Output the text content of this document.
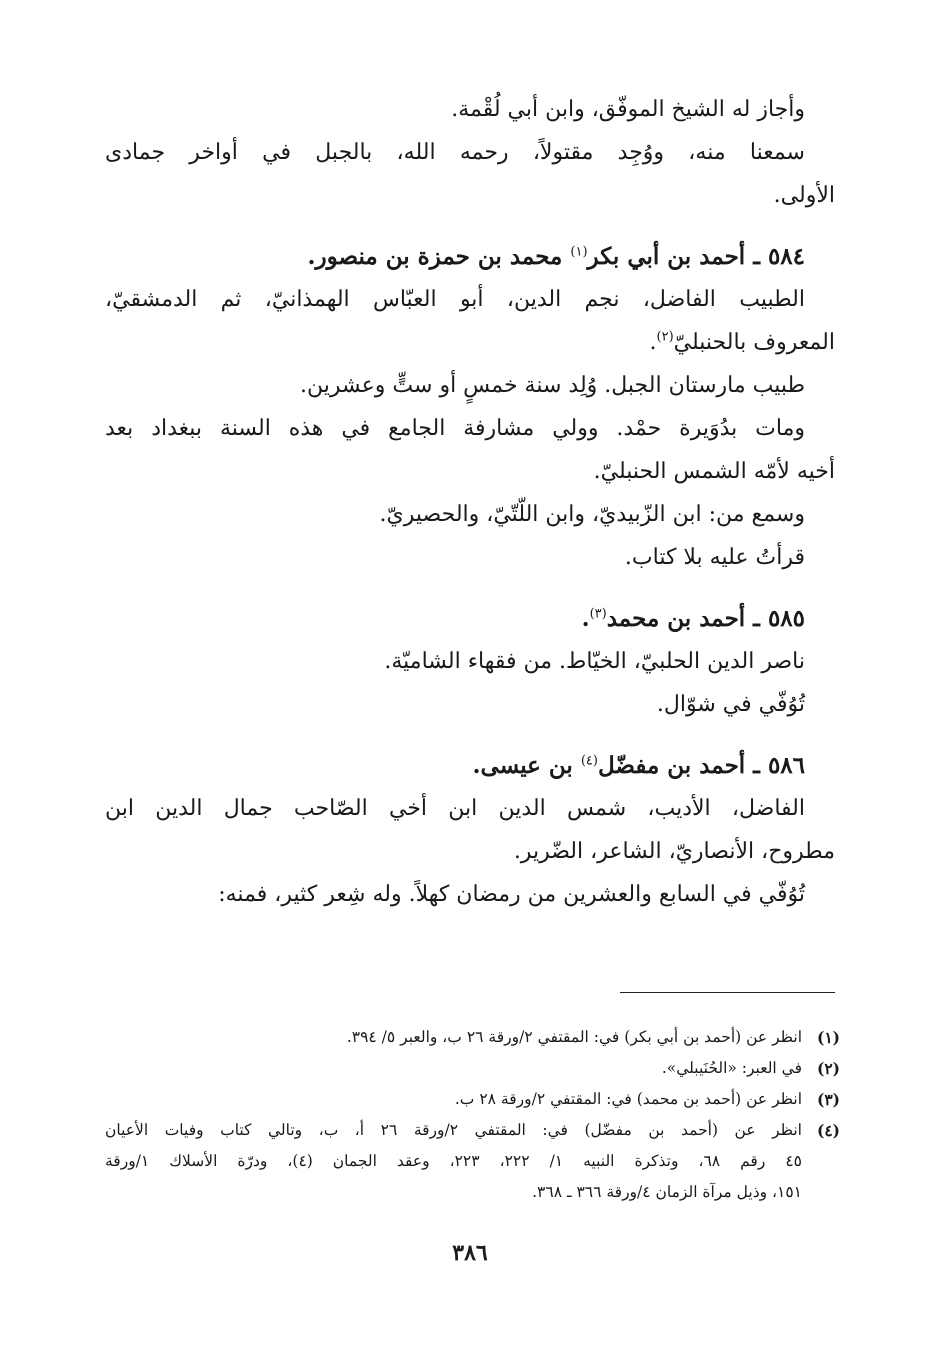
وأجاز له الشيخ الموفّق، وابن أبي لُقْمة.

سمعنا منه، ووُجِد مقتولاً، رحمه الله، بالجبل في أواخر جمادى

الأولى.

٥٨٤ ـ أحمد بن أبي بكر$^{(١)}$ محمد بن حمزة بن منصور.

الطبيب الفاضل، نجم الدين، أبو العبّاس الهمذانيّ، ثم الدمشقيّ،

المعروف بالحنبليّ$^{(٢)}$.

طبيب مارستان الجبل. وُلِد سنة خمسٍ أو ستٍّ وعشرين.

ومات بدُوَيرة حمْد. وولي مشارفة الجامع في هذه السنة ببغداد بعد

أخيه لأمّه الشمس الحنبليّ.

وسمع من: ابن الزّبيديّ، وابن اللّتّيّ، والحصيريّ.

قرأتُ عليه بلا كتاب.

٥٨٥ ـ أحمد بن محمد$^{(٣)}$.

ناصر الدين الحلبيّ، الخيّاط. من فقهاء الشاميّة.

تُوُفّي في شوّال.

٥٨٦ ـ أحمد بن مفضّل$^{(٤)}$ بن عيسى.

الفاضل، الأديب، شمس الدين ابن أخي الصّاحب جمال الدين ابن

مطروح، الأنصاريّ، الشاعر، الضّرير.

تُوُفّي في السابع والعشرين من رمضان كهلاً. وله شِعر كثير، فمنه:

(١)
انظر عن (أحمد بن أبي بكر) في: المقتفي ٢/ورقة ٢٦ ب، والعبر ٥/ ٣٩٤.
(٢)
في العبر: «الحُنَيبلي».
(٣)
انظر عن (أحمد بن محمد) في: المقتفي ٢/ورقة ٢٨ ب.
(٤)
انظر عن (أحمد بن مفضّل) في: المقتفي ٢/ورقة ٢٦ أ، ب، وتالي كتاب وفيات الأعيان
٤٥ رقم ٦٨، وتذكرة النبيه ١/ ٢٢٢، ٢٢٣، وعقد الجمان (٤)، ودرّة الأسلاك ١/ورقة
١٥١، وذيل مرآة الزمان ٤/ورقة ٣٦٦ ـ ٣٦٨.
٣٨٦
